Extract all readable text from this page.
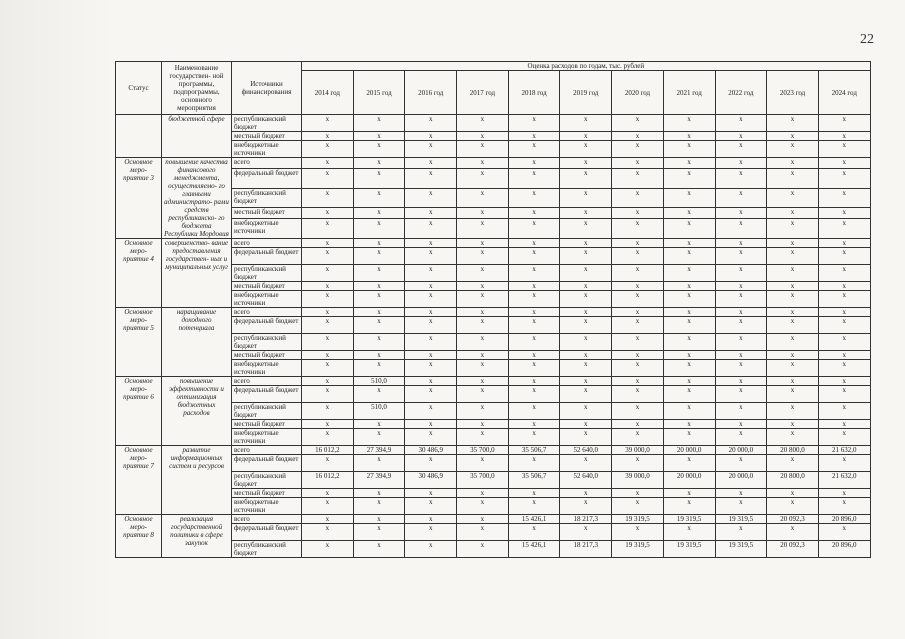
22
Статус	Наименование государствен- ной программы, подпрограммы, основного мероприятия	Источники финансирования	Оценка расходов по годам, тыс. рублей										
			2014 год	2015 год	2016 год	2017 год	2018 год	2019 год	2020 год	2021 год	2022 год	2023 год	2024 год
	бюджетной сфере	республиканский бюджет	x	x	x	x	x	x	x	x	x	x	x
		местный бюджет	x	x	x	x	x	x	x	x	x	x	x
		внебюджетные источники	x	x	x	x	x	x	x	x	x	x	x
Основное меро- приятие 3	повышение качества финансового менеджмента, осуществляемо- го главными администрато- рами средств республиканско- го бюджета Республики Мордовия	всего	x	x	x	x	x	x	x	x	x	x	x
		федеральный бюджет	x	x	x	x	x	x	x	x	x	x	x
		республиканский бюджет	x	x	x	x	x	x	x	x	x	x	x
		местный бюджет	x	x	x	x	x	x	x	x	x	x	x
		внебюджетные источники	x	x	x	x	x	x	x	x	x	x	x
Основное меро- приятие 4	совершенство- вание предоставления государствен- ных и муниципальных услуг	всего	x	x	x	x	x	x	x	x	x	x	x
		федеральный бюджет	x	x	x	x	x	x	x	x	x	x	x
		республиканский бюджет	x	x	x	x	x	x	x	x	x	x	x
		местный бюджет	x	x	x	x	x	x	x	x	x	x	x
		внебюджетные источники	x	x	x	x	x	x	x	x	x	x	x
Основное меро- приятие 5	наращивание доходного потенциала	всего	x	x	x	x	x	x	x	x	x	x	x
		федеральный бюджет	x	x	x	x	x	x	x	x	x	x	x
		республиканский бюджет	x	x	x	x	x	x	x	x	x	x	x
		местный бюджет	x	x	x	x	x	x	x	x	x	x	x
		внебюджетные источники	x	x	x	x	x	x	x	x	x	x	x
Основное меро- приятие 6	повышение эффективности и оптимизация бюджетных расходов	всего	x	510,0	x	x	x	x	x	x	x	x	x
		федеральный бюджет	x	x	x	x	x	x	x	x	x	x	x
		республиканский бюджет	x	510,0	x	x	x	x	x	x	x	x	x
		местный бюджет	x	x	x	x	x	x	x	x	x	x	x
		внебюджетные источники	x	x	x	x	x	x	x	x	x	x	x
Основное меро- приятие 7	развитие информационных систем и ресурсов	всего	16 012,2	27 394,9	30 486,9	35 700,0	35 506,7	52 640,0	39 000,0	20 000,0	20 000,0	20 800,0	21 632,0
		федеральный бюджет	x	x	x	x	x	x	x	x	x	x	x
		республиканский бюджет	16 012,2	27 394,9	30 486,9	35 700,0	35 506,7	52 640,0	39 000,0	20 000,0	20 000,0	20 800,0	21 632,0
		местный бюджет	x	x	x	x	x	x	x	x	x	x	x
		внебюджетные источники	x	x	x	x	x	x	x	x	x	x	x
Основное меро- приятие 8	реализация государственной политики в сфере закупок	всего	x	x	x	x	15 426,1	18 217,3	19 319,5	19 319,5	19 319,5	20 092,3	20 896,0
		федеральный бюджет	x	x	x	x	x	x	x	x	x	x	x
		республиканский бюджет	x	x	x	x	15 426,1	18 217,3	19 319,5	19 319,5	19 319,5	20 092,3	20 896,0
